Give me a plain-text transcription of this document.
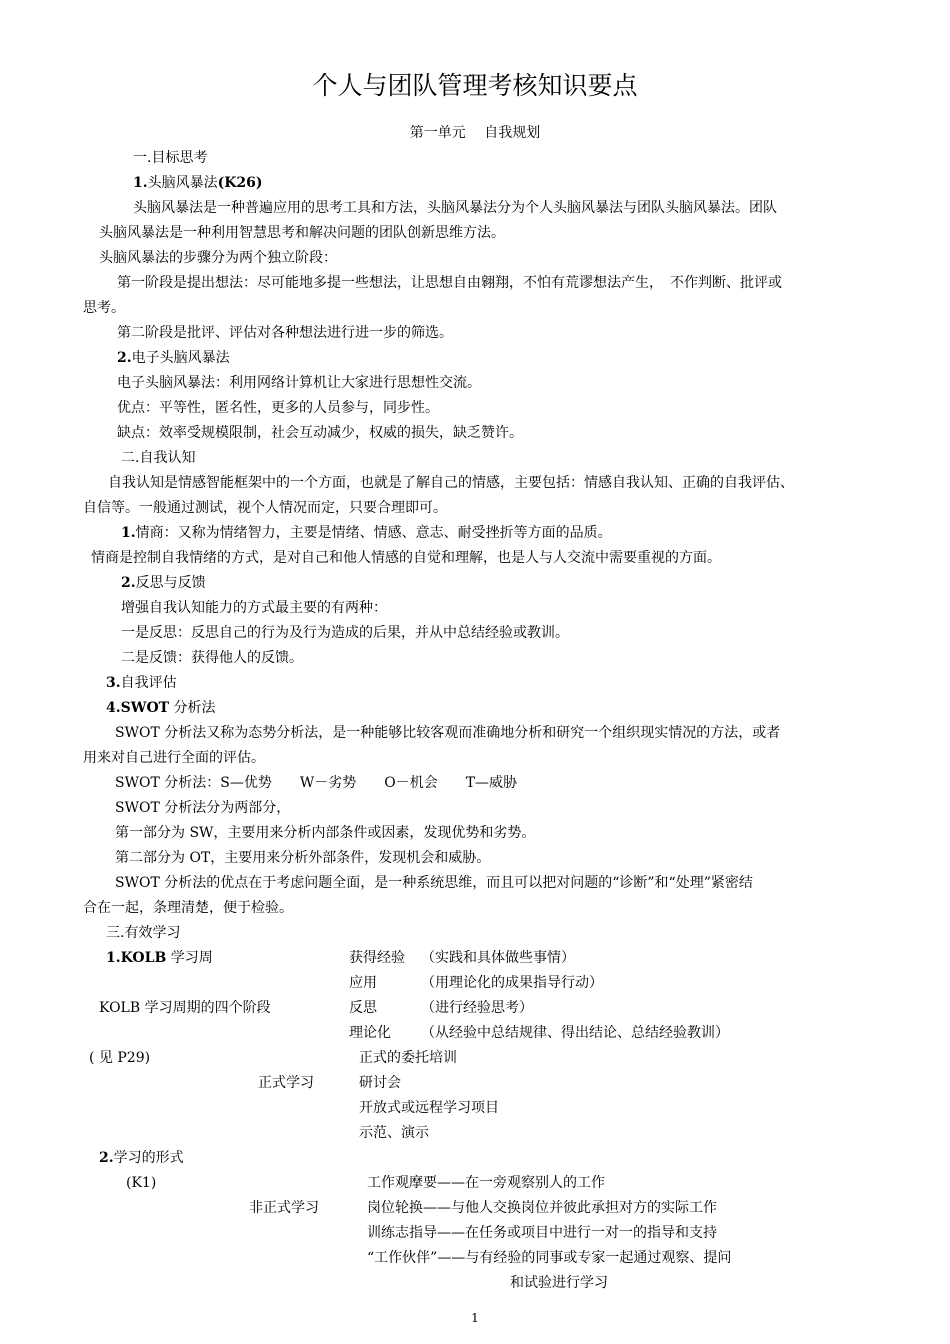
个人与团队管理考核知识要点
第一单元　 自我规划
一.目标思考
1.头脑风暴法(K26)
头脑风暴法是一种普遍应用的思考工具和方法，头脑风暴法分为个人头脑风暴法与团队头脑风暴法。团队
头脑风暴法是一种利用智慧思考和解决问题的团队创新思维方法。
头脑风暴法的步骤分为两个独立阶段：
第一阶段是提出想法：尽可能地多提一些想法，让思想自由翱翔，不怕有荒谬想法产生，　不作判断、批评或
思考。
第二阶段是批评、评估对各种想法进行进一步的筛选。
2.电子头脑风暴法
电子头脑风暴法：利用网络计算机让大家进行思想性交流。
优点：平等性，匿名性，更多的人员参与，同步性。
缺点：效率受规模限制，社会互动减少，权威的损失，缺乏赞许。
二.自我认知
自我认知是情感智能框架中的一个方面，也就是了解自己的情感，主要包括：情感自我认知、正确的自我评估、
自信等。一般通过测试，视个人情况而定，只要合理即可。
1.情商：又称为情绪智力，主要是情绪、情感、意志、耐受挫折等方面的品质。
情商是控制自我情绪的方式，是对自己和他人情感的自觉和理解，也是人与人交流中需要重视的方面。
2.反思与反馈
增强自我认知能力的方式最主要的有两种：
一是反思：反思自己的行为及行为造成的后果，并从中总结经验或教训。
二是反馈：获得他人的反馈。
3.自我评估
4.SWOT 分析法
SWOT 分析法又称为态势分析法，是一种能够比较客观而准确地分析和研究一个组织现实情况的方法，或者
用来对自己进行全面的评估。
SWOT 分析法：S—优势　　W－劣势　　O－机会　　T—威胁
SWOT 分析法分为两部分，
第一部分为 SW，主要用来分析内部条件或因素，发现优势和劣势。
第二部分为 OT，主要用来分析外部条件，发现机会和威胁。
SWOT 分析法的优点在于考虑问题全面，是一种系统思维，而且可以把对问题的“诊断”和“处理”紧密结
合在一起，条理清楚，便于检验。
三.有效学习
1.KOLB 学习周	获得经验 （实践和具体做些事情）
应用	（用理论化的成果指导行动）
KOLB 学习周期的四个阶段	反思	（进行经验思考）
理论化 （从经验中总结规律、得出结论、总结经验教训）
( 见 P29)	正式的委托培训
正式学习	研讨会
开放式或远程学习项目
示范、演示
2.学习的形式
(K1)	工作观摩要——在一旁观察别人的工作
非正式学习	岗位轮换——与他人交换岗位并彼此承担对方的实际工作
训练志指导——在任务或项目中进行一对一的指导和支持
“工作伙伴”——与有经验的同事或专家一起通过观察、提问
和试验进行学习
1
